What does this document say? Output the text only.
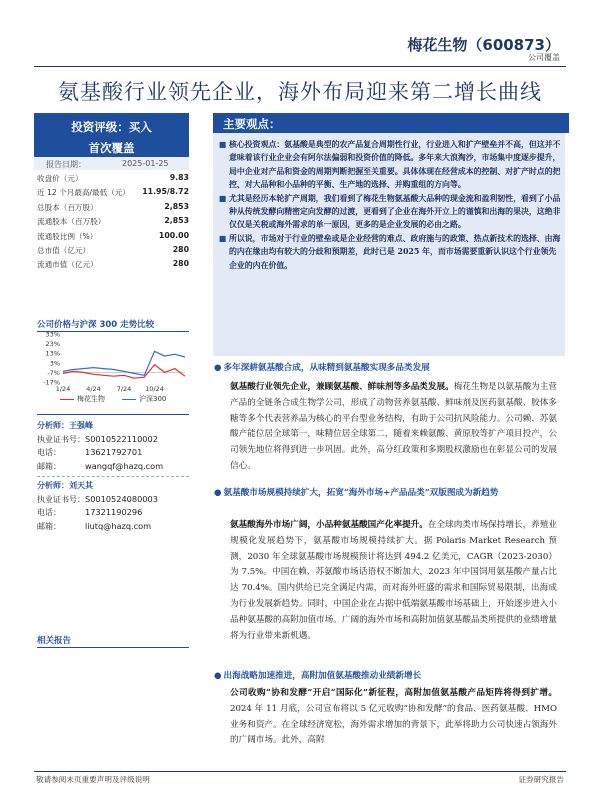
梅花生物（600873）
公司覆盖
氨基酸行业领先企业，海外布局迎来第二增长曲线
投资评级：买入
首次覆盖
报告日期：	2025-01-25
收盘价（元）	9.83
近 12 个月最高/最低（元） 11.95/8.72
总股本（百万股）	2,853
流通股本（百万股）	2,853
流通股比例（%）	100.00
总市值（亿元）	280
流通市值（亿元）	280
公司价格与沪深 300 走势比较
33%
23%
13%
3%
-7%
-17%
1/24 4/24 7/24 10/24
梅花生物	沪深300
分析师：王强峰
执业证书号： S0010522110002
电话：	13621792701
邮箱：	wangqf@hazq.com
分析师：刘天其
执业证书号： S0010524080003
电话：	17321190296
邮箱：	liutq@hazq.com
相关报告
主要观点：
■ 核心投资观点：氨基酸是典型的农产品复合周期性行业，行业进入和扩产壁垒并不高，但这并不意味着该行业企业会有阿尔法偏弱和投资价值的降低。多年来大浪淘沙，市场集中度逐步提升，局中企业对产品和资金的周期判断把握至关重要。具体体现在经营成本的控制、对扩产时点的把控、对大品种和小品种的平衡、生产地的选择、并购重组的方向等。
■ 尤其是经历本轮扩产周期，我们看到了梅花生物氨基酸大品种的现金流和盈利韧性，看到了小品种从传统发酵向精密定向发酵的过渡，更看到了企业在海外开立上的谨慎和出海的果决，这绝非仅仅是关税或海外需求的单一原因，更多的是企业发展的必由之路。
■ 所以说，市场对于行业的壁垒或是企业经营的难点、政府施与的政策、热点新技术的选择、由海的内在缘由均有较大的分歧和预期差，此时已是 2025 年，而市场需要重新认识这个行业领先企业的内在价值。
● 多年深耕氨基酸合成，从味精到氨基酸实现多品类发展
氨基酸行业领先企业，兼顾氨基酸、鲜味剂等多品类发展。梅花生物是以氨基酸为主营产品的全链条合成生物学公司，形成了动物营养氨基酸、鲜味剂及医药氨基酸、胶体多糖等多个代表营养品为核心的平台型业务结构，有助于公司抗风险能力。公司赖、苏氨酸产能位居全球第一，味精位居全球第二，随着来赖氨酸、黄原胶等扩产项目投产，公司领先地位将得到进一步巩固。此外，高分红政策和多期股权激励也在彰显公司的发展信心。
● 氨基酸市场规模持续扩大，拓宽“海外市场+产品品类”双版图成为新趋势
氨基酸海外市场广阔，小品种氨基酸国产化率提升。在全球肉类市场保持增长，养殖业规模化发展趋势下，氨基酸市场规模持续扩大。据 Polaris Market Research 预测，2030 年全球氨基酸市场规模预计将达到 494.2 亿美元，CAGR（2023-2030）为 7.5%。中国在赖、苏氨酸市场话语权不断加大，2023 年中国饲用氨基酸产量占比达 70.4%。国内供给已完全满足内需，而对海外旺盛的需求和国际贸易限制，出海成为行业发展新趋势。同时，中国企业在占据中低端氨基酸市场基础上，开始逐步进入小品种氨基酸的高附加值市场。广阔的海外市场和高附加值氨基酸品类所提供的业绩增量将为行业带来新机遇。
● 出海战略加速推进，高附加值氨基酸推动业绩新增长
公司收购“协和发酵”开启“国际化”新征程，高附加值氨基酸产品矩阵将得到扩增。2024 年 11 月底，公司宣布将以 5 亿元收购“协和发酵”的食品、医药氨基酸、HMO 业务和资产。在全球经济宽松，海外需求增加的背景下，此举将助力公司快速占领海外的广阔市场。此外，高附
敬请参阅末页重要声明及评级说明	证券研究报告
